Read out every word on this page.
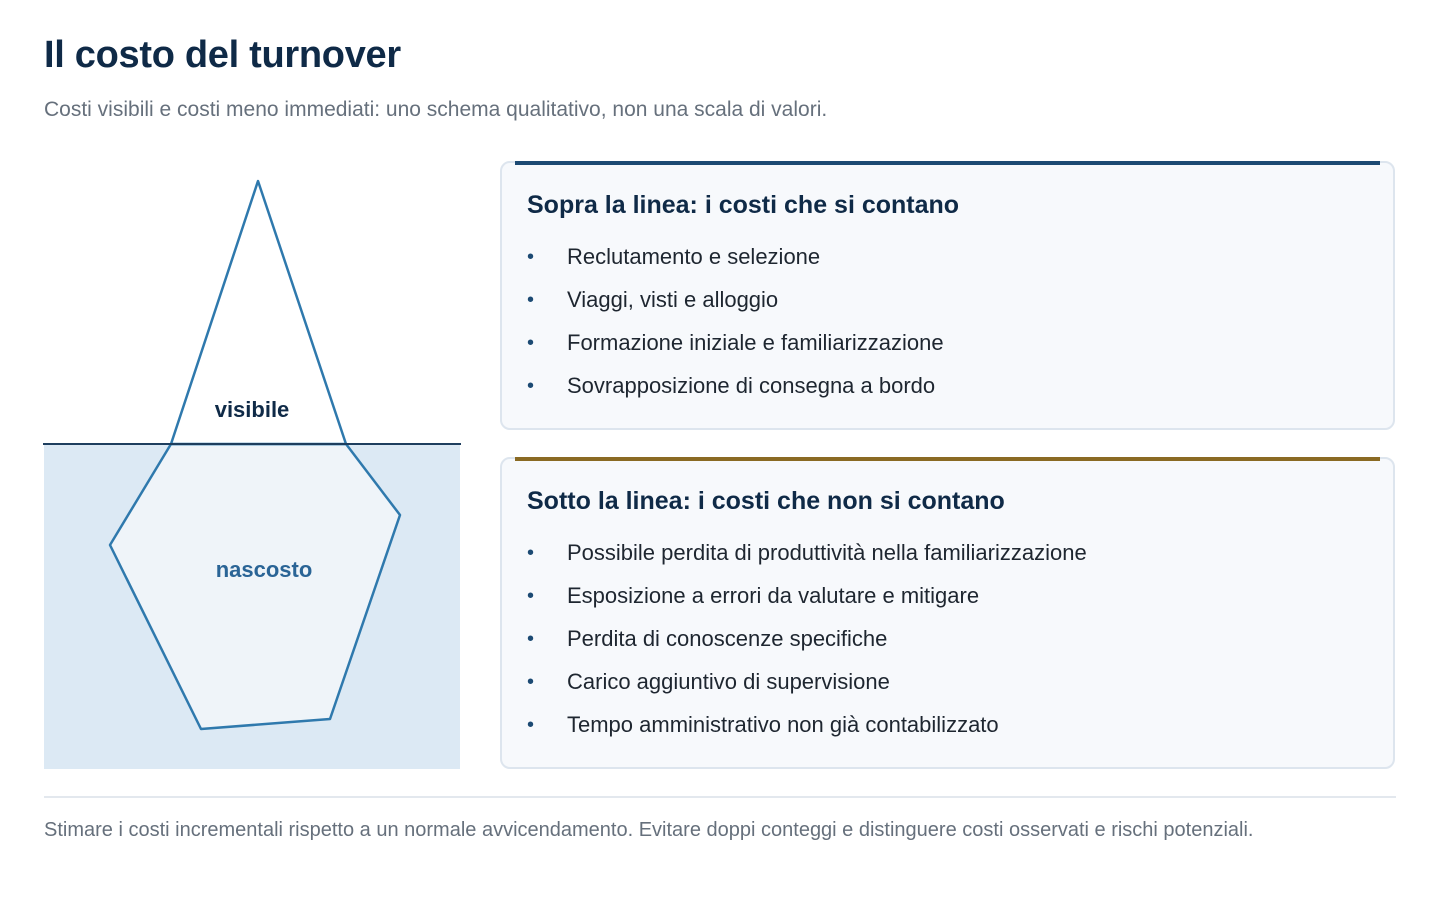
Il costo del turnover

Costi visibili e costi meno immediati: uno schema qualitativo, non una scala di valori.

visibile
nascosto
Sopra la linea: i costi che si contano
•	Reclutamento e selezione
•	Viaggi, visti e alloggio
•	Formazione iniziale e familiarizzazione
•	Sovrapposizione di consegna a bordo
Sotto la linea: i costi che non si contano
•	Possibile perdita di produttività nella familiarizzazione
•	Esposizione a errori da valutare e mitigare
•	Perdita di conoscenze specifiche
•	Carico aggiuntivo di supervisione
•	Tempo amministrativo non già contabilizzato

Stimare i costi incrementali rispetto a un normale avvicendamento. Evitare doppi conteggi e distinguere costi osservati e rischi potenziali.
